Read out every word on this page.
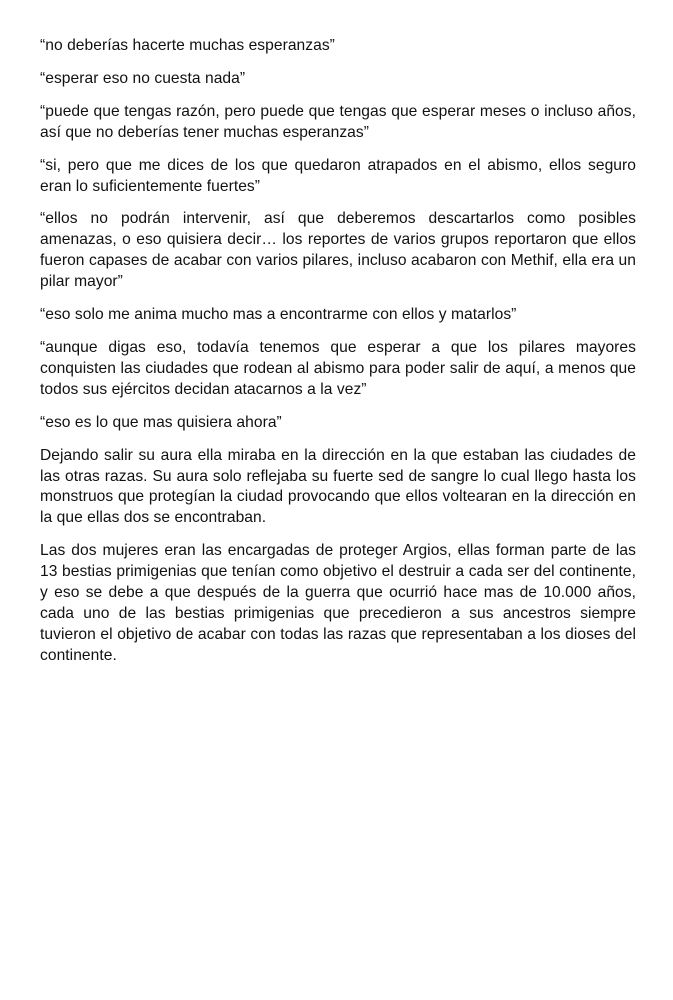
“no deberías hacerte muchas esperanzas”

“esperar eso no cuesta nada”

“puede que tengas razón, pero puede que tengas que esperar meses o incluso años, así que no deberías tener muchas esperanzas”

“si, pero que me dices de los que quedaron atrapados en el abismo, ellos seguro eran lo suficientemente fuertes”

“ellos no podrán intervenir, así que deberemos descartarlos como posibles amenazas, o eso quisiera decir… los reportes de varios grupos reportaron que ellos fueron capases de acabar con varios pilares, incluso acabaron con Methif, ella era un pilar mayor”

“eso solo me anima mucho mas a encontrarme con ellos y matarlos”

“aunque digas eso, todavía tenemos que esperar a que los pilares mayores conquisten las ciudades que rodean al abismo para poder salir de aquí, a menos que todos sus ejércitos decidan atacarnos a la vez”

“eso es lo que mas quisiera ahora”

Dejando salir su aura ella miraba en la dirección en la que estaban las ciudades de las otras razas. Su aura solo reflejaba su fuerte sed de sangre lo cual llego hasta los monstruos que protegían la ciudad provocando que ellos voltearan en la dirección en la que ellas dos se encontraban.

Las dos mujeres eran las encargadas de proteger Argios, ellas forman parte de las 13 bestias primigenias que tenían como objetivo el destruir a cada ser del continente, y eso se debe a que después de la guerra que ocurrió hace mas de 10.000 años, cada uno de las bestias primigenias que precedieron a sus ancestros siempre tuvieron el objetivo de acabar con todas las razas que representaban a los dioses del continente.
